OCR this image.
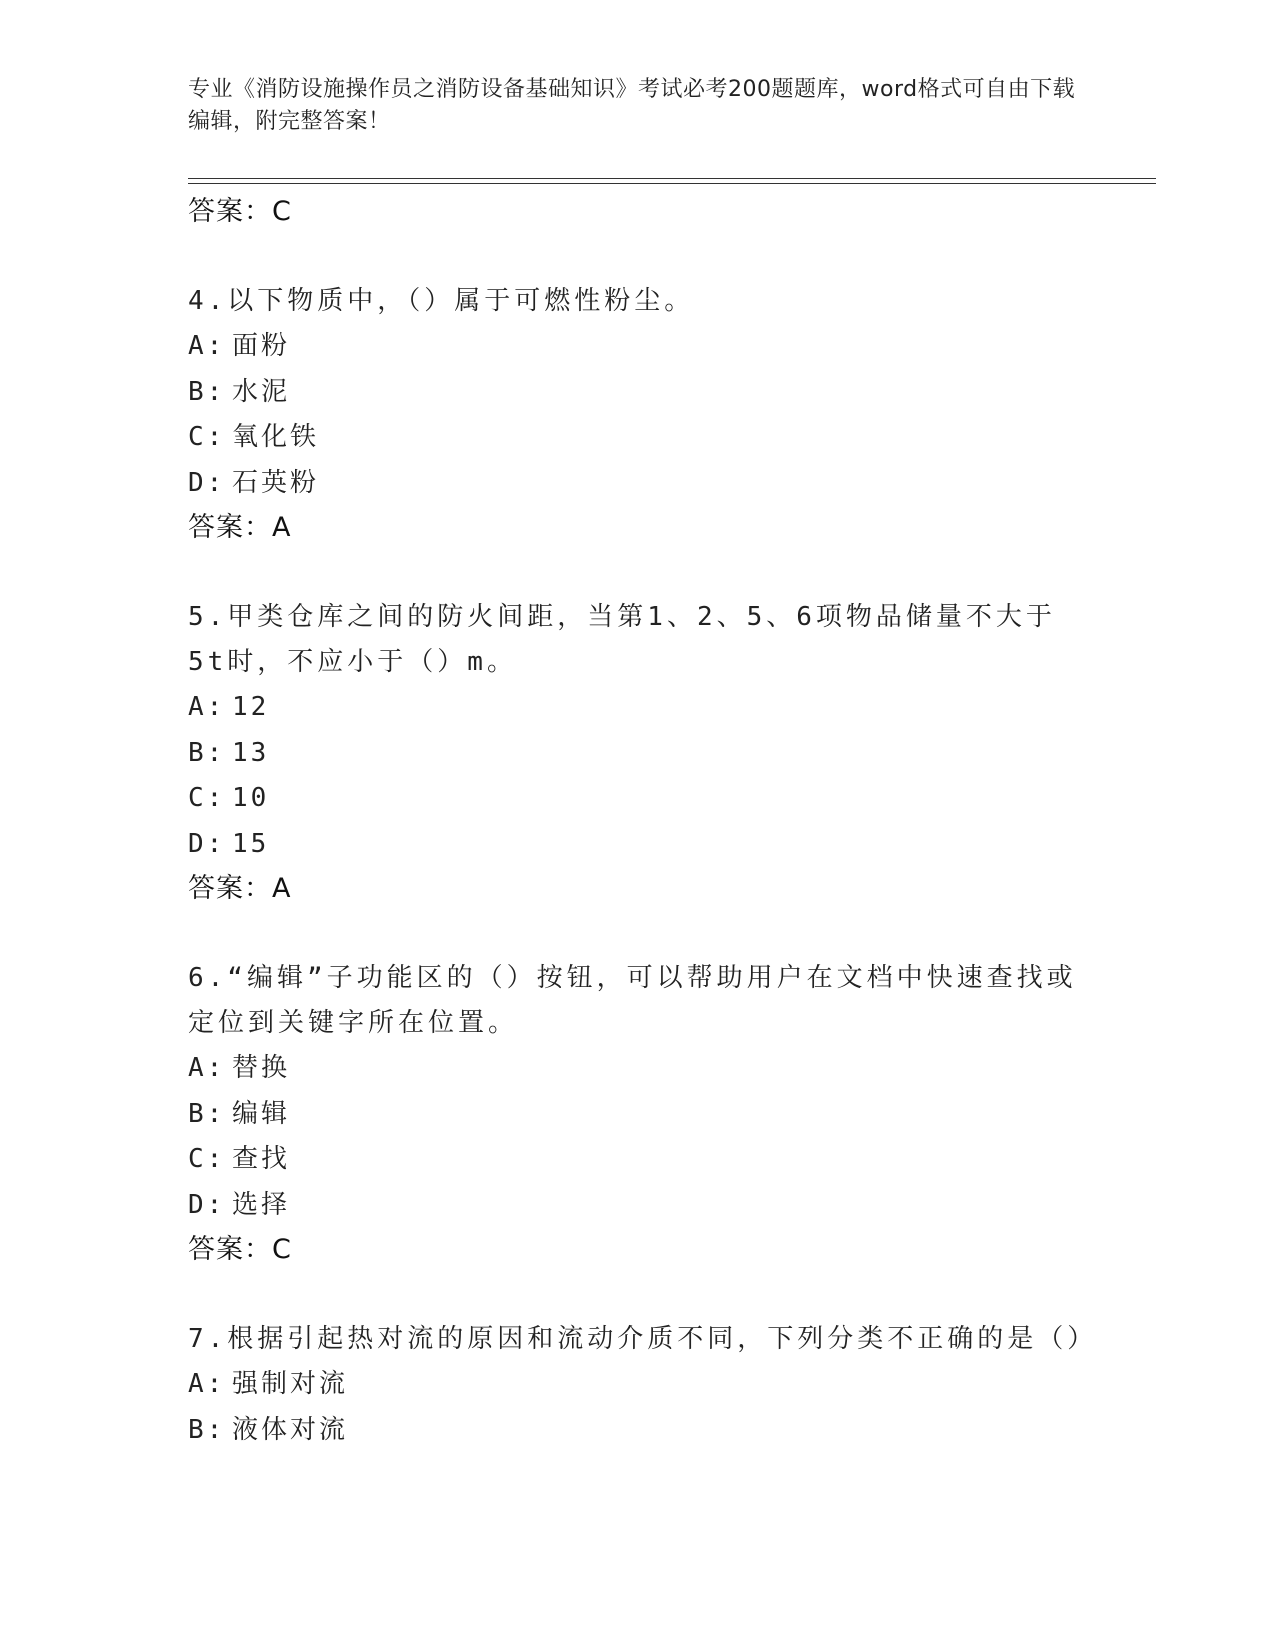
专业《消防设施操作员之消防设备基础知识》考试必考200题题库，word格式可自由下载编辑，附完整答案！
答案：C
4.以下物质中，（）属于可燃性粉尘。
A: 面粉
B: 水泥
C: 氧化铁
D: 石英粉
答案：A
5.甲类仓库之间的防火间距，当第1、2、5、6项物品储量不大于5t时，不应小于（）m。
A: 12
B: 13
C: 10
D: 15
答案：A
6.“编辑”子功能区的（）按钮，可以帮助用户在文档中快速查找或定位到关键字所在位置。
A: 替换
B: 编辑
C: 查找
D: 选择
答案：C
7.根据引起热对流的原因和流动介质不同，下列分类不正确的是（）
A: 强制对流
B: 液体对流
